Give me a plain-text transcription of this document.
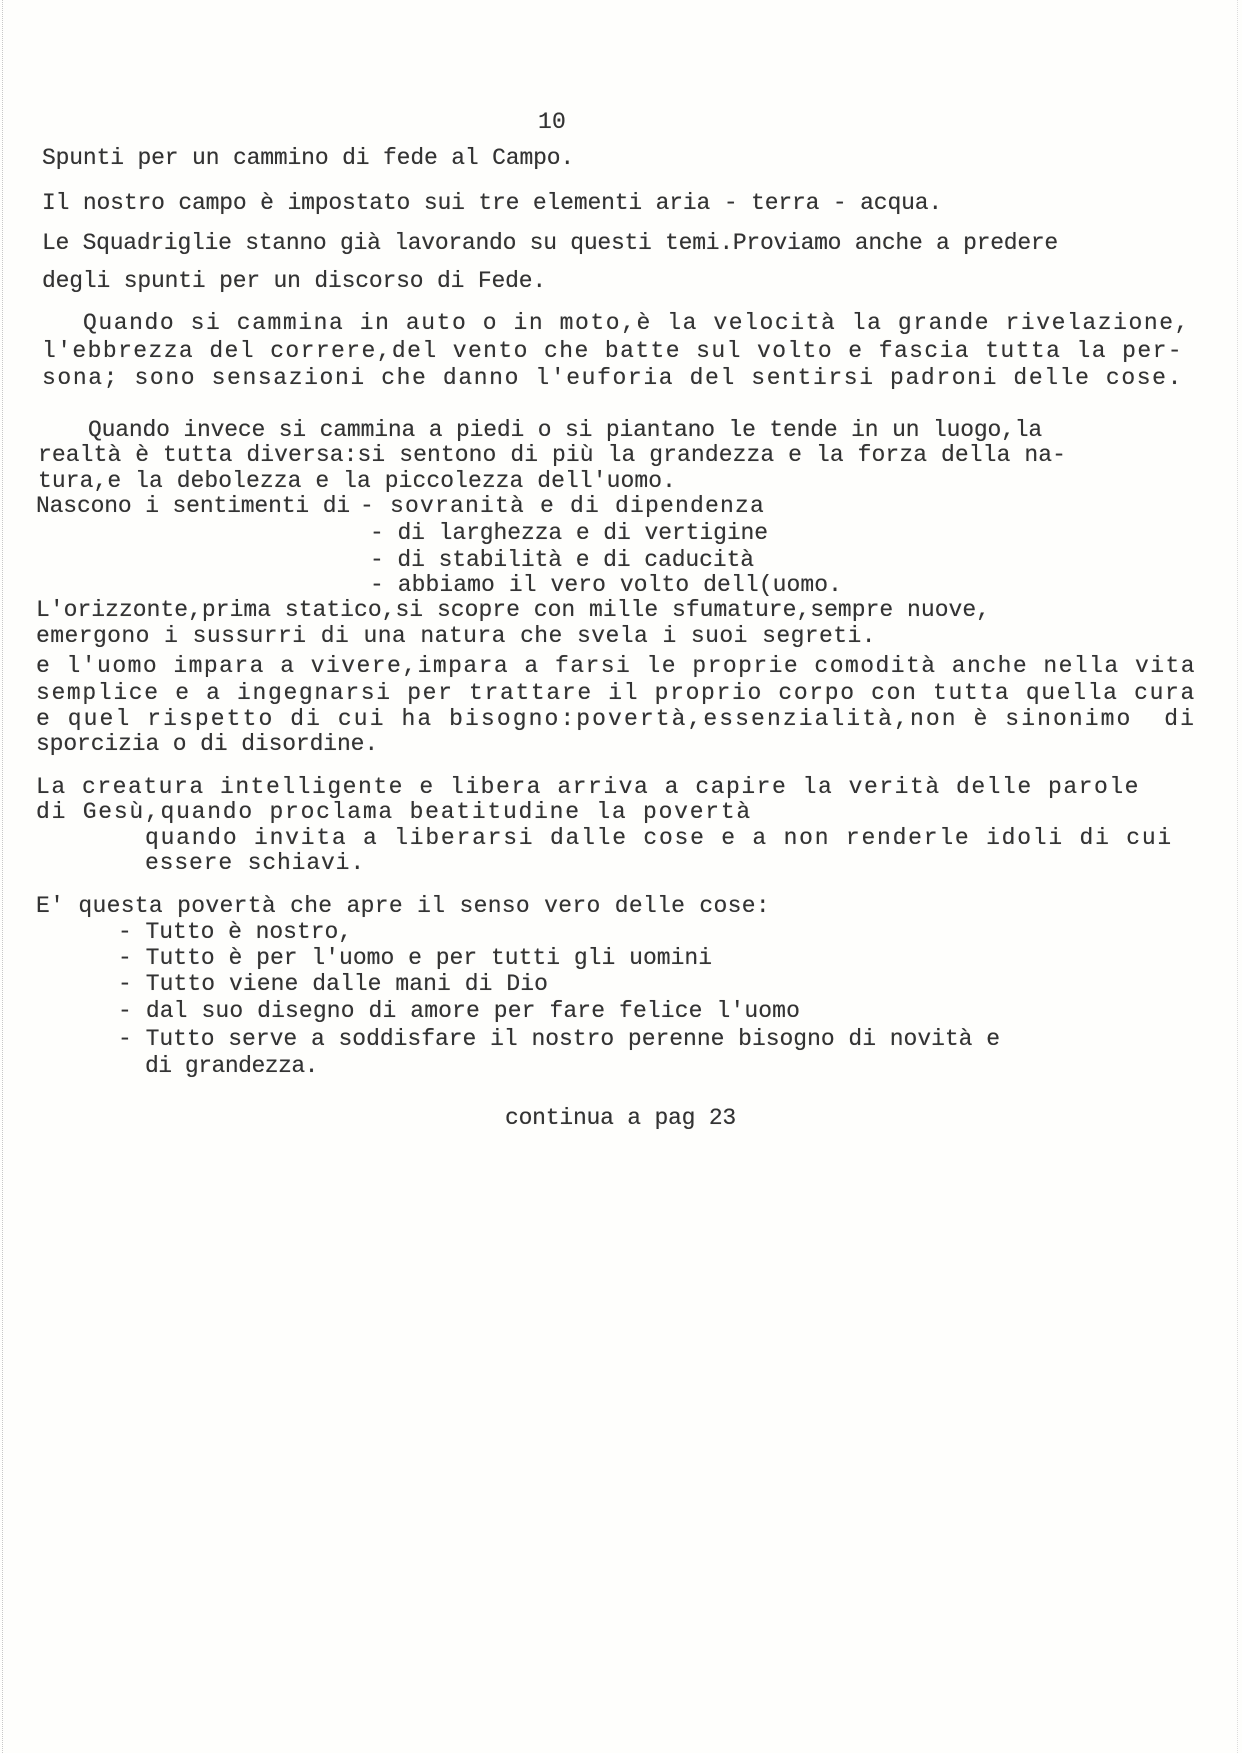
10
Spunti per un cammino di fede al Campo.
Il nostro campo è impostato sui tre elementi aria - terra - acqua.
Le Squadriglie stanno già lavorando su questi temi.Proviamo anche a predere
degli spunti per un discorso di Fede.
Quando si cammina in auto o in moto,è la velocità la grande rivelazione,
l'ebbrezza del correre,del vento che batte sul volto e fascia tutta la per-
sona; sono sensazioni che danno l'euforia del sentirsi padroni delle cose.
Quando invece si cammina a piedi o si piantano le tende in un luogo,la
realtà è tutta diversa:si sentono di più la grandezza e la forza della na-
tura,e la debolezza e la piccolezza dell'uomo.
Nascono i sentimenti di - sovranità e di dipendenza
- di larghezza e di vertigine
- di stabilità e di caducità
- abbiamo il vero volto dell(uomo.
L'orizzonte,prima statico,si scopre con mille sfumature,sempre nuove,
emergono i sussurri di una natura che svela i suoi segreti.
e l'uomo impara a vivere,impara a farsi le proprie comodità anche nella vita
semplice e a ingegnarsi per trattare il proprio corpo con tutta quella cura
e quel rispetto di cui ha bisogno:povertà,essenzialità,non è sinonimo  di
sporcizia o di disordine.
La creatura intelligente e libera arriva a capire la verità delle parole
di Gesù,quando proclama beatitudine la povertà
quando invita a liberarsi dalle cose e a non renderle idoli di cui
essere schiavi.
E' questa povertà che apre il senso vero delle cose:
- Tutto è nostro,
- Tutto è per l'uomo e per tutti gli uomini
- Tutto viene dalle mani di Dio
- dal suo disegno di amore per fare felice l'uomo
- Tutto serve a soddisfare il nostro perenne bisogno di novità e
di grandezza.
continua a pag 23
